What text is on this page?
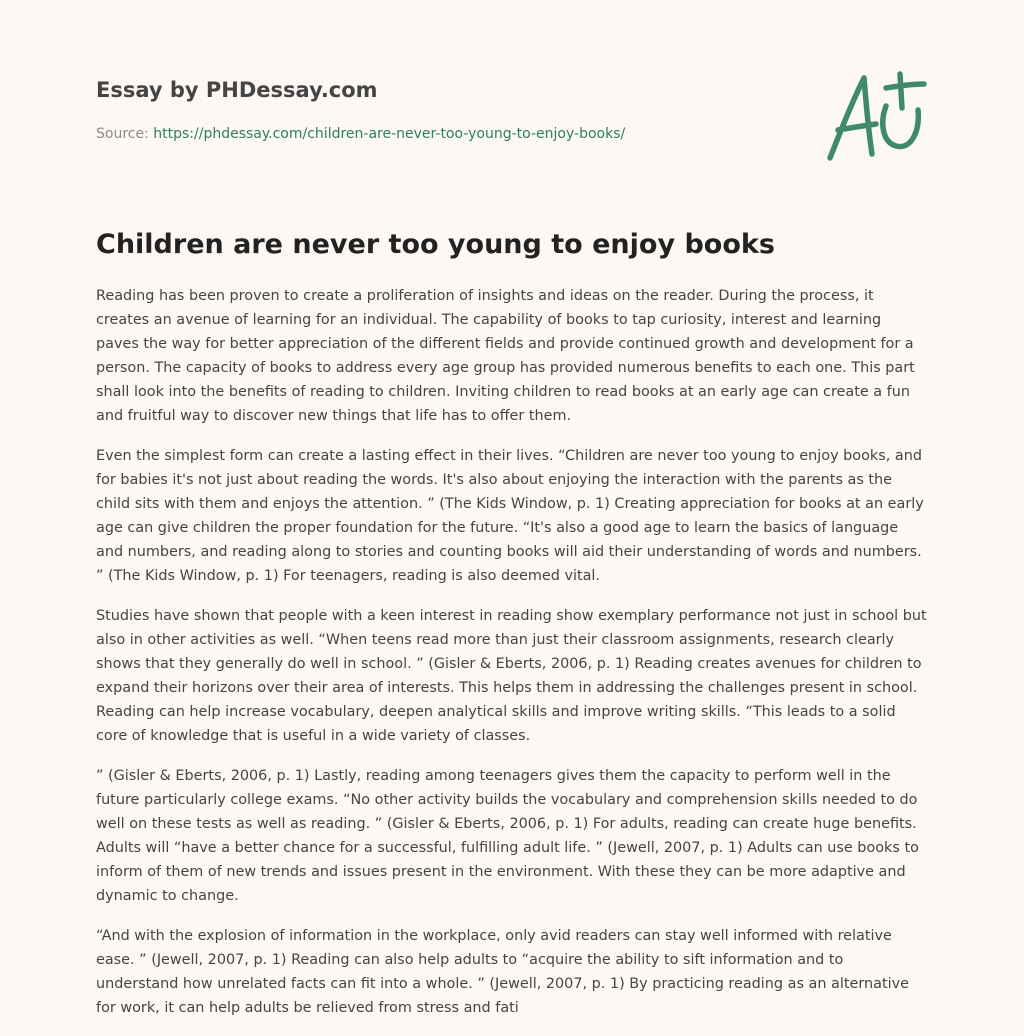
Essay by PHDessay.com
Source: https://phdessay.com/children-are-never-too-young-to-enjoy-books/
Children are never too young to enjoy books

Reading has been proven to create a proliferation of insights and ideas on the reader. During the process, it creates an avenue of learning for an individual. The capability of books to tap curiosity, interest and learning paves the way for better appreciation of the different fields and provide continued growth and development for a person. The capacity of books to address every age group has provided numerous benefits to each one. This part shall look into the benefits of reading to children. Inviting children to read books at an early age can create a fun and fruitful way to discover new things that life has to offer them.

Even the simplest form can create a lasting effect in their lives. “Children are never too young to enjoy books, and for babies it's not just about reading the words. It's also about enjoying the interaction with the parents as the child sits with them and enjoys the attention. ” (The Kids Window, p. 1) Creating appreciation for books at an early age can give children the proper foundation for the future. “It's also a good age to learn the basics of language and numbers, and reading along to stories and counting books will aid their understanding of words and numbers. ” (The Kids Window, p. 1) For teenagers, reading is also deemed vital.

Studies have shown that people with a keen interest in reading show exemplary performance not just in school but also in other activities as well. “When teens read more than just their classroom assignments, research clearly shows that they generally do well in school. ” (Gisler & Eberts, 2006, p. 1) Reading creates avenues for children to expand their horizons over their area of interests. This helps them in addressing the challenges present in school. Reading can help increase vocabulary, deepen analytical skills and improve writing skills. “This leads to a solid core of knowledge that is useful in a wide variety of classes.

” (Gisler & Eberts, 2006, p. 1) Lastly, reading among teenagers gives them the capacity to perform well in the future particularly college exams. “No other activity builds the vocabulary and comprehension skills needed to do well on these tests as well as reading. ” (Gisler & Eberts, 2006, p. 1) For adults, reading can create huge benefits. Adults will “have a better chance for a successful, fulfilling adult life. ” (Jewell, 2007, p. 1) Adults can use books to inform of them of new trends and issues present in the environment. With these they can be more adaptive and dynamic to change.

“And with the explosion of information in the workplace, only avid readers can stay well informed with relative ease. ” (Jewell, 2007, p. 1) Reading can also help adults to “acquire the ability to sift information and to understand how unrelated facts can fit into a whole. ” (Jewell, 2007, p. 1) By practicing reading as an alternative for work, it can help adults be relieved from stress and fati
